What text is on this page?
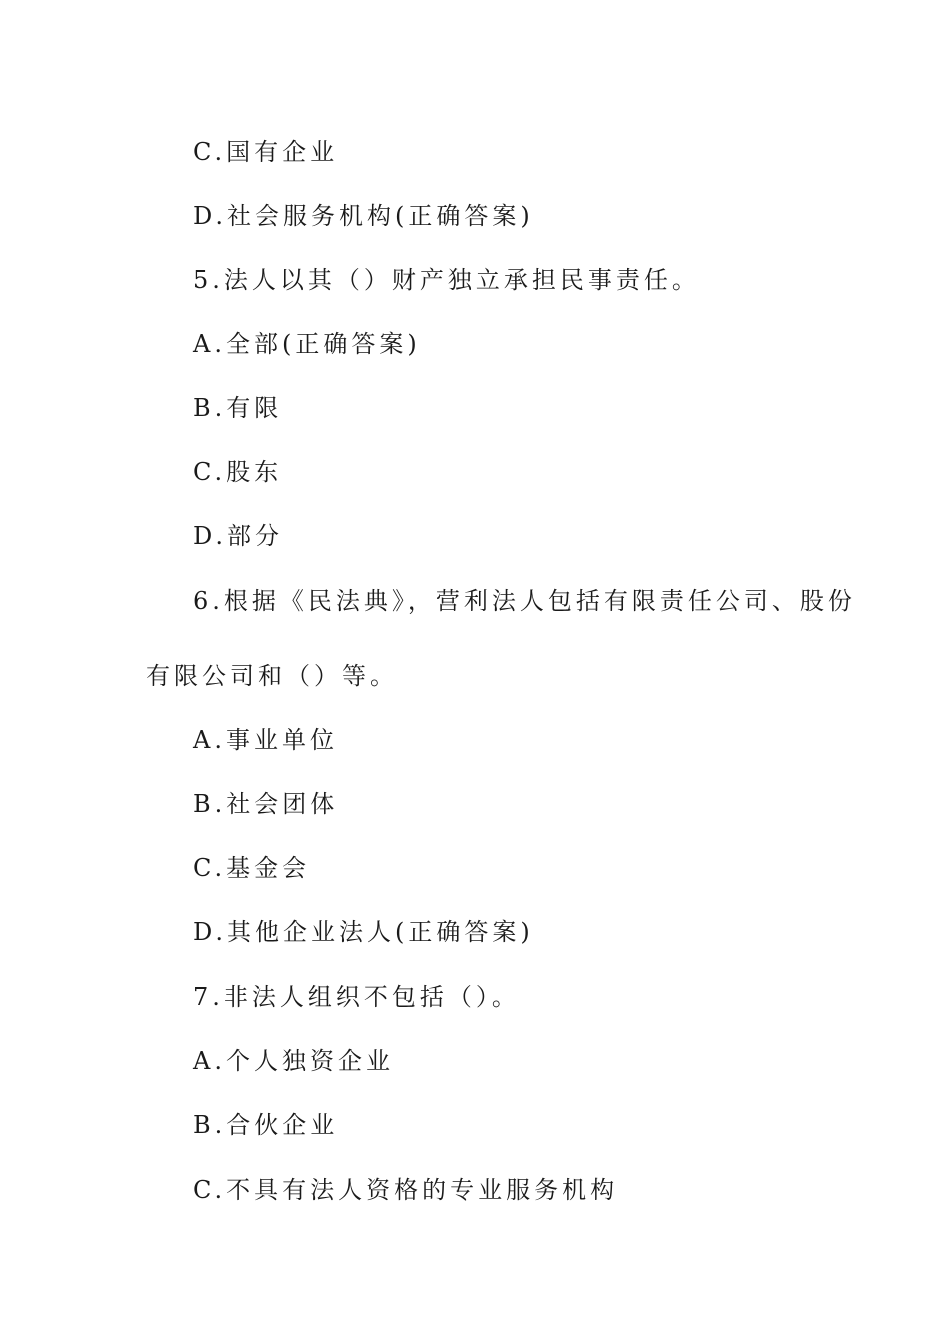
C.国有企业
D.社会服务机构(正确答案)
5.法人以其（）财产独立承担民事责任。
A.全部(正确答案)
B.有限
C.股东
D.部分
6.根据《民法典》，营利法人包括有限责任公司、股份
有限公司和（）等。
A.事业单位
B.社会团体
C.基金会
D.其他企业法人(正确答案)
7.非法人组织不包括（）。
A.个人独资企业
B.合伙企业
C.不具有法人资格的专业服务机构
